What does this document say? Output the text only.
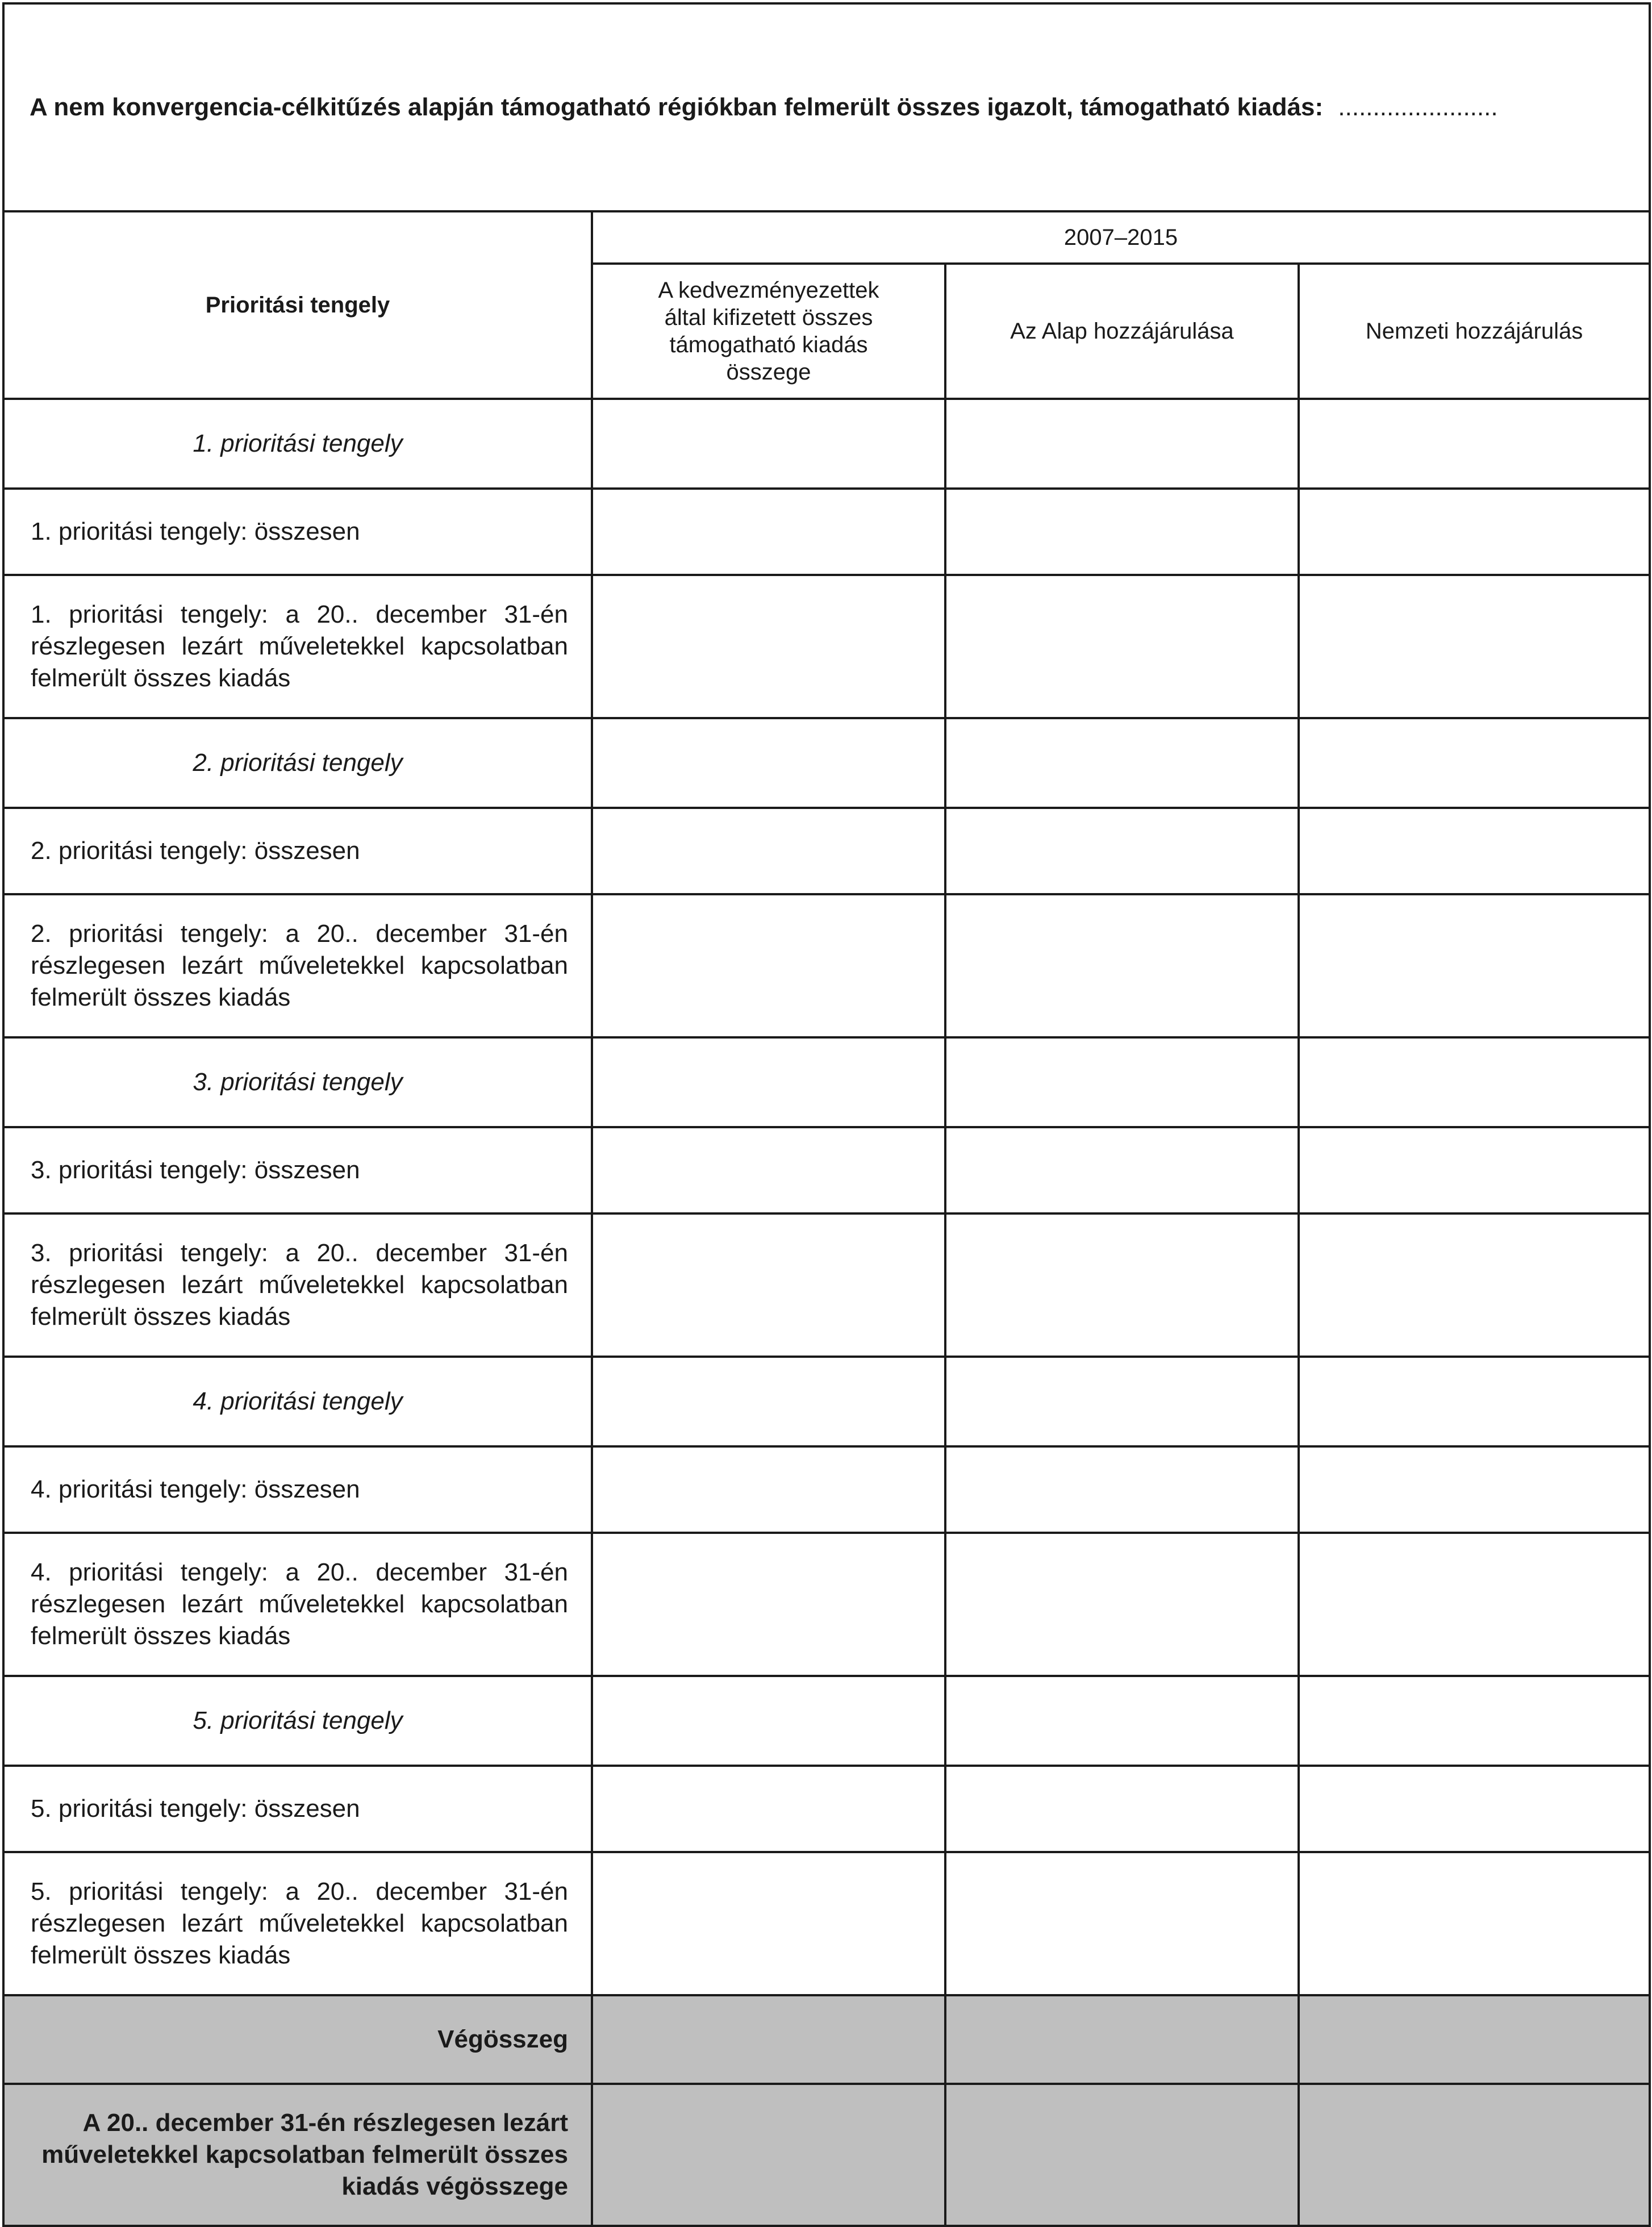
A nem konvergencia-célkitűzés alapján támogatható régiókban felmerült összes igazolt, támogatható kiadás: .......................			
Prioritási tengely	2007–2015		
	A kedvezményezettek által kifizetett összes támogatható kiadás összege	Az Alap hozzájárulása	Nemzeti hozzájárulás
1. prioritási tengely			
1. prioritási tengely: összesen			
1. prioritási tengely: a 20.. december 31-én részlegesen lezárt műveletekkel kapcsolatban felmerült összes kiadás			
2. prioritási tengely			
2. prioritási tengely: összesen			
2. prioritási tengely: a 20.. december 31-én részlegesen lezárt műveletekkel kapcsolatban felmerült összes kiadás			
3. prioritási tengely			
3. prioritási tengely: összesen			
3. prioritási tengely: a 20.. december 31-én részlegesen lezárt műveletekkel kapcsolatban felmerült összes kiadás			
4. prioritási tengely			
4. prioritási tengely: összesen			
4. prioritási tengely: a 20.. december 31-én részlegesen lezárt műveletekkel kapcsolatban felmerült összes kiadás			
5. prioritási tengely			
5. prioritási tengely: összesen			
5. prioritási tengely: a 20.. december 31-én részlegesen lezárt műveletekkel kapcsolatban felmerült összes kiadás			
Végösszeg			
A 20.. december 31-én részlegesen lezárt műveletekkel kapcsolatban felmerült összes kiadás végösszege			
